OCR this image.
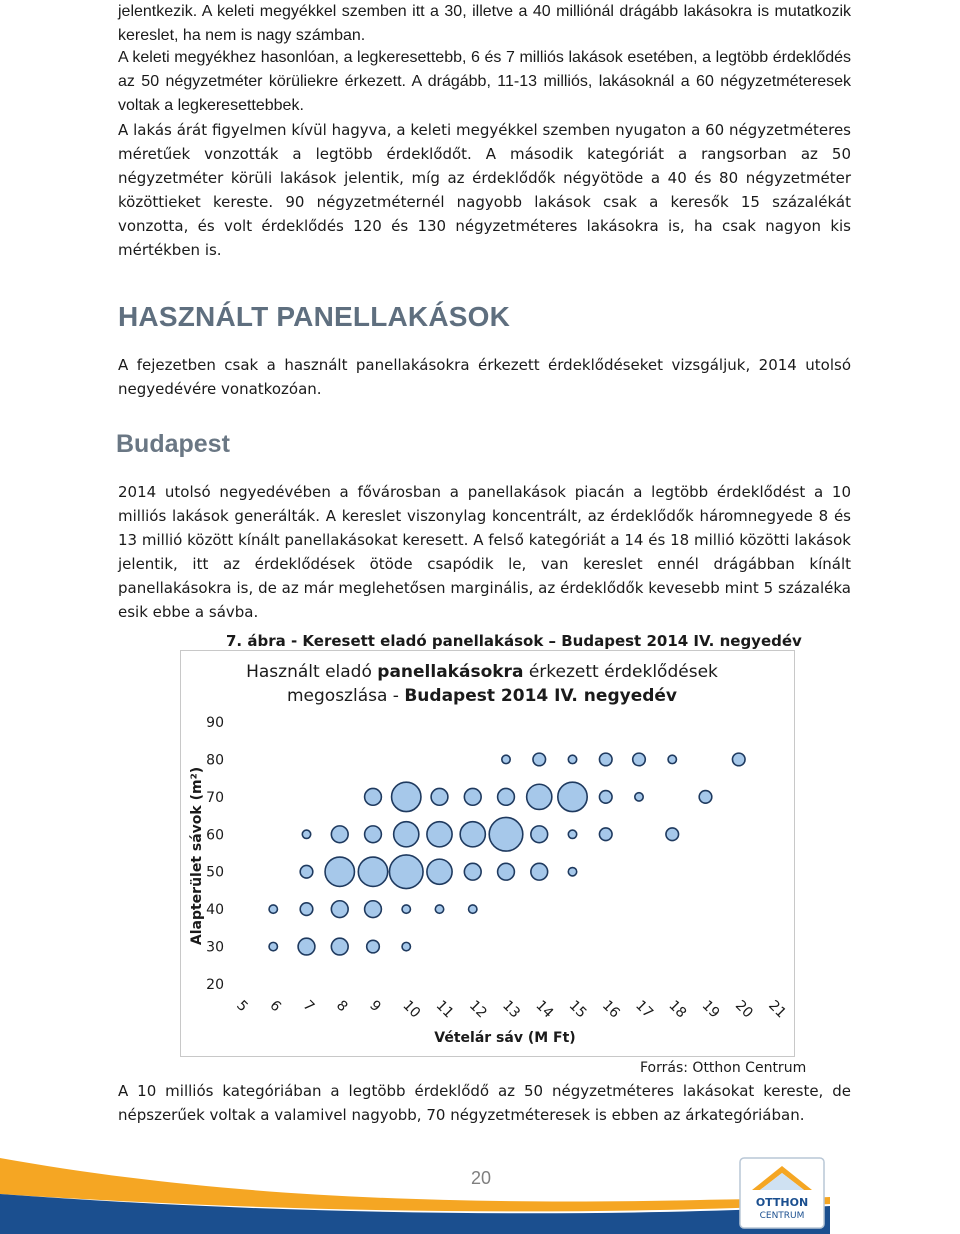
jelentkezik. A keleti megyékkel szemben itt a 30, illetve a 40 milliónál drágább lakásokra is mutatkozik kereslet, ha nem is nagy számban.

A keleti megyékhez hasonlóan, a legkeresettebb, 6 és 7 milliós lakások esetében, a legtöbb érdeklődés az 50 négyzetméter körüliekre érkezett. A drágább, 11-13 milliós, lakásoknál a 60 négyzetméteresek voltak a legkeresettebbek.

A lakás árát figyelmen kívül hagyva, a keleti megyékkel szemben nyugaton a 60 négyzetméteres méretűek vonzották a legtöbb érdeklődőt. A második kategóriát a rangsorban az 50 négyzetméter körüli lakások jelentik, míg az érdeklődők négyötöde a 40 és 80 négyzetméter közöttieket kereste. 90 négyzetméternél nagyobb lakások csak a keresők 15 százalékát vonzotta, és volt érdeklődés 120 és 130 négyzetméteres lakásokra is, ha csak nagyon kis mértékben is.

HASZNÁLT PANELLAKÁSOK

A fejezetben csak a használt panellakásokra érkezett érdeklődéseket vizsgáljuk, 2014 utolsó negyedévére vonatkozóan.

Budapest

2014 utolsó negyedévében a fővárosban a panellakások piacán a legtöbb érdeklődést a 10 milliós lakások generálták. A kereslet viszonylag koncentrált, az érdeklődők háromnegyede 8 és 13 millió között kínált panellakásokat keresett. A felső kategóriát a 14 és 18 millió közötti lakások jelentik, itt az érdeklődések ötöde csapódik le, van kereslet ennél drágábban kínált panellakásokra is, de az már meglehetősen marginális, az érdeklődők kevesebb mint 5 százaléka esik ebbe a sávba.

7. ábra - Keresett eladó panellakások – Budapest 2014 IV. negyedév
Használt eladó panellakásokra érkezett érdeklődések
megoszlása - Budapest 2014 IV. negyedév
20
30
40
50
60
70
80
90
5 6 7 8 9 10 11 12 13 14 15 16 17 18 19 20 21
Vételár sáv (M Ft)
Alapterület sávok (m²)
Forrás: Otthon Centrum

A 10 milliós kategóriában a legtöbb érdeklődő az 50 négyzetméteres lakásokat kereste, de népszerűek voltak a valamivel nagyobb, 70 négyzetméteresek is ebben az árkategóriában.

20
OTTHON
CENTRUM
